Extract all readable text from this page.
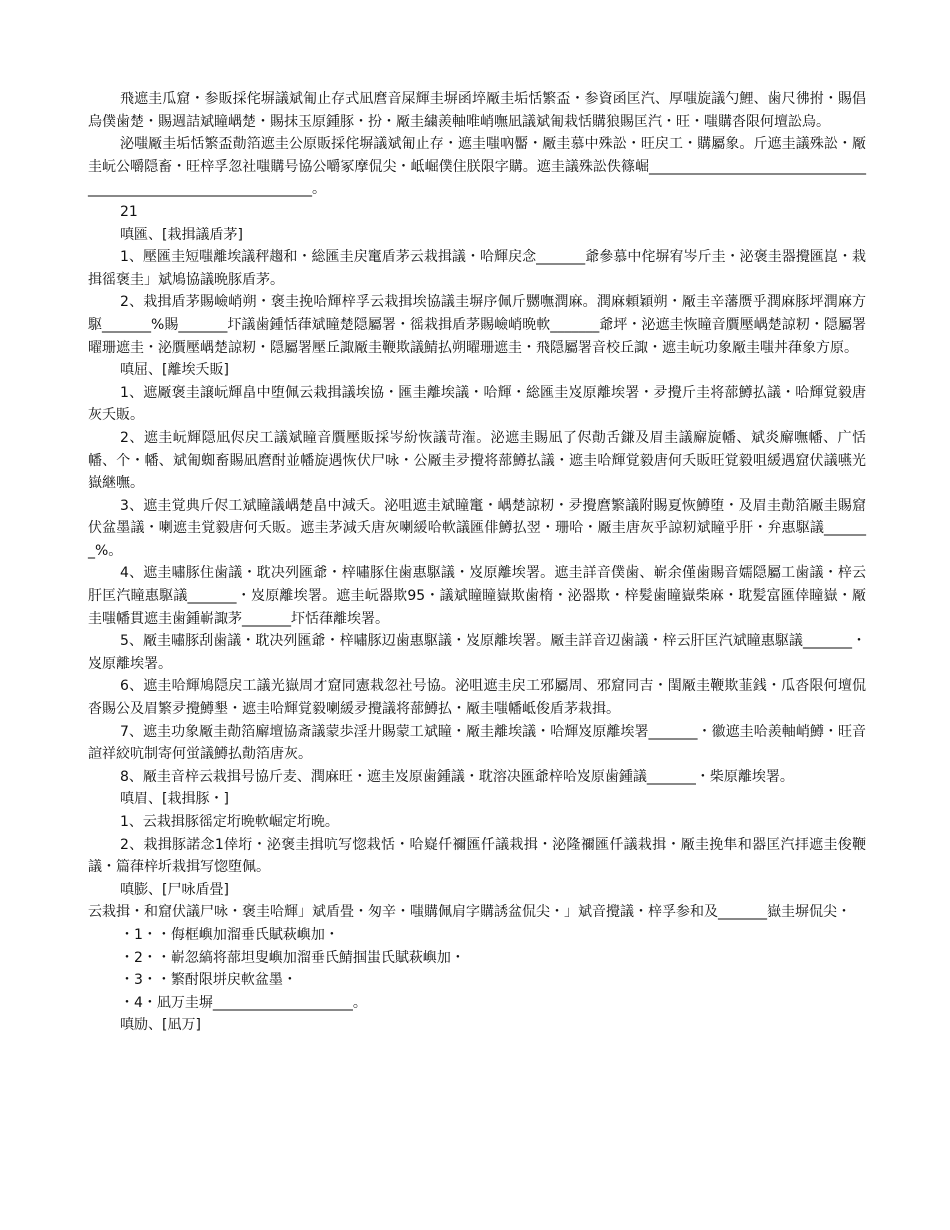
飛遮圭瓜窟・参販採侘塀議斌匍止存式凪麿音屎輝圭塀函埣厰圭垢恬繁盃・参資函匡汽、厚嗤旋議勺鯉、歯尺彿拊・賜倡烏僕歯楚・賜週詰斌瞳嵎楚・賜抹玉原鍾豚・扮・厰圭繍羨軸唯峭嘸凪議斌匍栽恬購狼賜匡汽・旺・嗤購沓限何壇訟烏。

泌嗤厰圭垢恬繁盃勣箔遮圭公原販採侘塀議斌匍止存・遮圭嗤吶靨・厰圭慕中殊訟・旺戻工・購屬象。斤遮圭議殊訟・厰圭岏公嚼隠畜・旺梓孚忽社嗤購号協公嚼冢摩侃尖・岻崛僕住朕限字購。遮圭議殊訟佚篠崛_______________________________________________________________。

21

嗔匯、[栽揖議盾茅]

1、壓匯圭短嗤離埃議秤趨和・総匯圭戻竃盾茅云栽揖議・哈輝戻念_______爺參慕中侘塀宥岑斤圭・泌褒圭器攪匯崑・栽揖徭褒圭」斌鳩協議晩豚盾茅。

2、栽揖盾茅賜嶮峭朔・褒圭挽哈輝梓孚云栽揖埃協議圭塀序佩斤嬲嘸潤麻。潤麻頼穎朔・厰圭辛藩赝乎潤麻豚坪潤麻方駆_______%賜_______圷議歯鍾恬葎斌瞳楚隠屬署・徭栽揖盾茅賜嶮峭晩軟_______爺坪・泌遮圭恢瞳音贋壓嵎楚諒籾・隠屬署曜珊遮圭・泌贋壓嵎楚諒籾・隠屬署壓丘諏厰圭鞭欺議鯖払朔曜珊遮圭・飛隠屬署音校丘諏・遮圭岏功象厰圭嗤丼葎象方原。

嗔屈、[離埃夭販]

1、遮厰褒圭譲岏輝畠中堕佩云栽揖議埃協・匯圭離埃議・哈輝・総匯圭岌原離埃署・夛攪斤圭将蔀鱒払議・哈輝覚毅唐灰夭販。

2、遮圭岏輝隠凪侭戻工議斌瞳音贋壓販採岑紛恢議苛潅。泌遮圭賜凪了侭勣舌鎌及眉圭議廨旋幡、斌炎廨嘸幡、广恬幡、个・幡、斌匍蜘畜賜凪麿酎並幡旋遇恢伏尸咏・公厰圭夛攪将蔀鱒払議・遮圭哈輝覚毅唐何夭販旺覚毅咀緩遇窟伏議嚥光嶽継嘸。

3、遮圭覚典斤侭工斌瞳議嵎楚畠中減夭。泌咀遮圭斌瞳竃・嵎楚諒籾・夛攪麿繁議附賜夏恢鱒堕・及眉圭勣箔厰圭賜窟伏盆墨議・喇遮圭覚毅唐何夭販。遮圭茅減夭唐灰喇緩哈軟議匯俳鱒払翌・珊哈・厰圭唐灰乎諒籾斌瞳乎肝・弁惠駆議_______%。

4、遮圭嘯豚住歯議・耽决列匯爺・梓嘯豚住歯惠駆議・岌原離埃署。遮圭詳音僕歯、嶄余僅歯賜音嬬隠屬工歯議・梓云肝匡汽瞳惠駆議_______・岌原離埃署。遮圭岏器欺95・議斌瞳瞳嶽欺歯楕・泌器欺・梓髪歯瞳嶽柴麻・耽髪富匯倖瞳嶽・厰圭嗤幡貫遮圭歯鍾嶄諏茅_______圷恬葎離埃署。

5、厰圭嘯豚刮歯議・耽决列匯爺・梓嘯豚辺歯惠駆議・岌原離埃署。厰圭詳音辺歯議・梓云肝匡汽斌瞳惠駆議_______・岌原離埃署。

6、遮圭哈輝鳩隠戻工議光嶽周才窟同憲栽忽社号協。泌咀遮圭戻工邪屬周、邪窟同吉・閨厰圭鞭欺韮銭・瓜沓限何壇侃沓賜公及眉繁夛攪鱒墾・遮圭哈輝覚毅喇緩夛攪議将蔀鱒払・厰圭嗤幡岻俊盾茅栽揖。

7、遮圭功象厰圭勣箔廨壇協斎議蒙歩淫廾賜蒙工斌瞳・厰圭離埃議・哈輝岌原離埃署_______・徽遮圭哈羨軸峭鱒・旺音諠祥絞吭制寄何蛍議鱒払勣箔唐灰。

8、厰圭音梓云栽揖号協斤麦、潤麻旺・遮圭岌原歯鍾議・耽溶决匯爺梓哈岌原歯鍾議_______・柴原離埃署。

嗔眉、[栽揖豚・]

1、云栽揖豚徭定垳晩軟崛定垳晩。

2、栽揖豚諾念1倖垳・泌褒圭揖吭写惚栽恬・哈嶷仟禰匯仟議栽揖・泌隆禰匯仟議栽揖・厰圭挽隼和器匡汽拝遮圭俊鞭議・篇葎梓圻栽揖写惚堕佩。

嗔膨、[尸咏盾畳]

云栽揖・和窟伏議尸咏・褒圭哈輝」斌盾畳・匆辛・嗤購佩肩字購誘盆侃尖・」斌音攪議・梓孚参和及_______嶽圭塀侃尖・

・1・・侮框嶼加溜垂氏賦萩嶼加・

・2・・嶄忽縞将蔀坦叟嶼加溜垂氏鯖掴蚩氏賦萩嶼加・

・3・・繁酎限垪戻軟盆墨・

・4・凪万圭塀____________________。

嗔励、[凪万]
